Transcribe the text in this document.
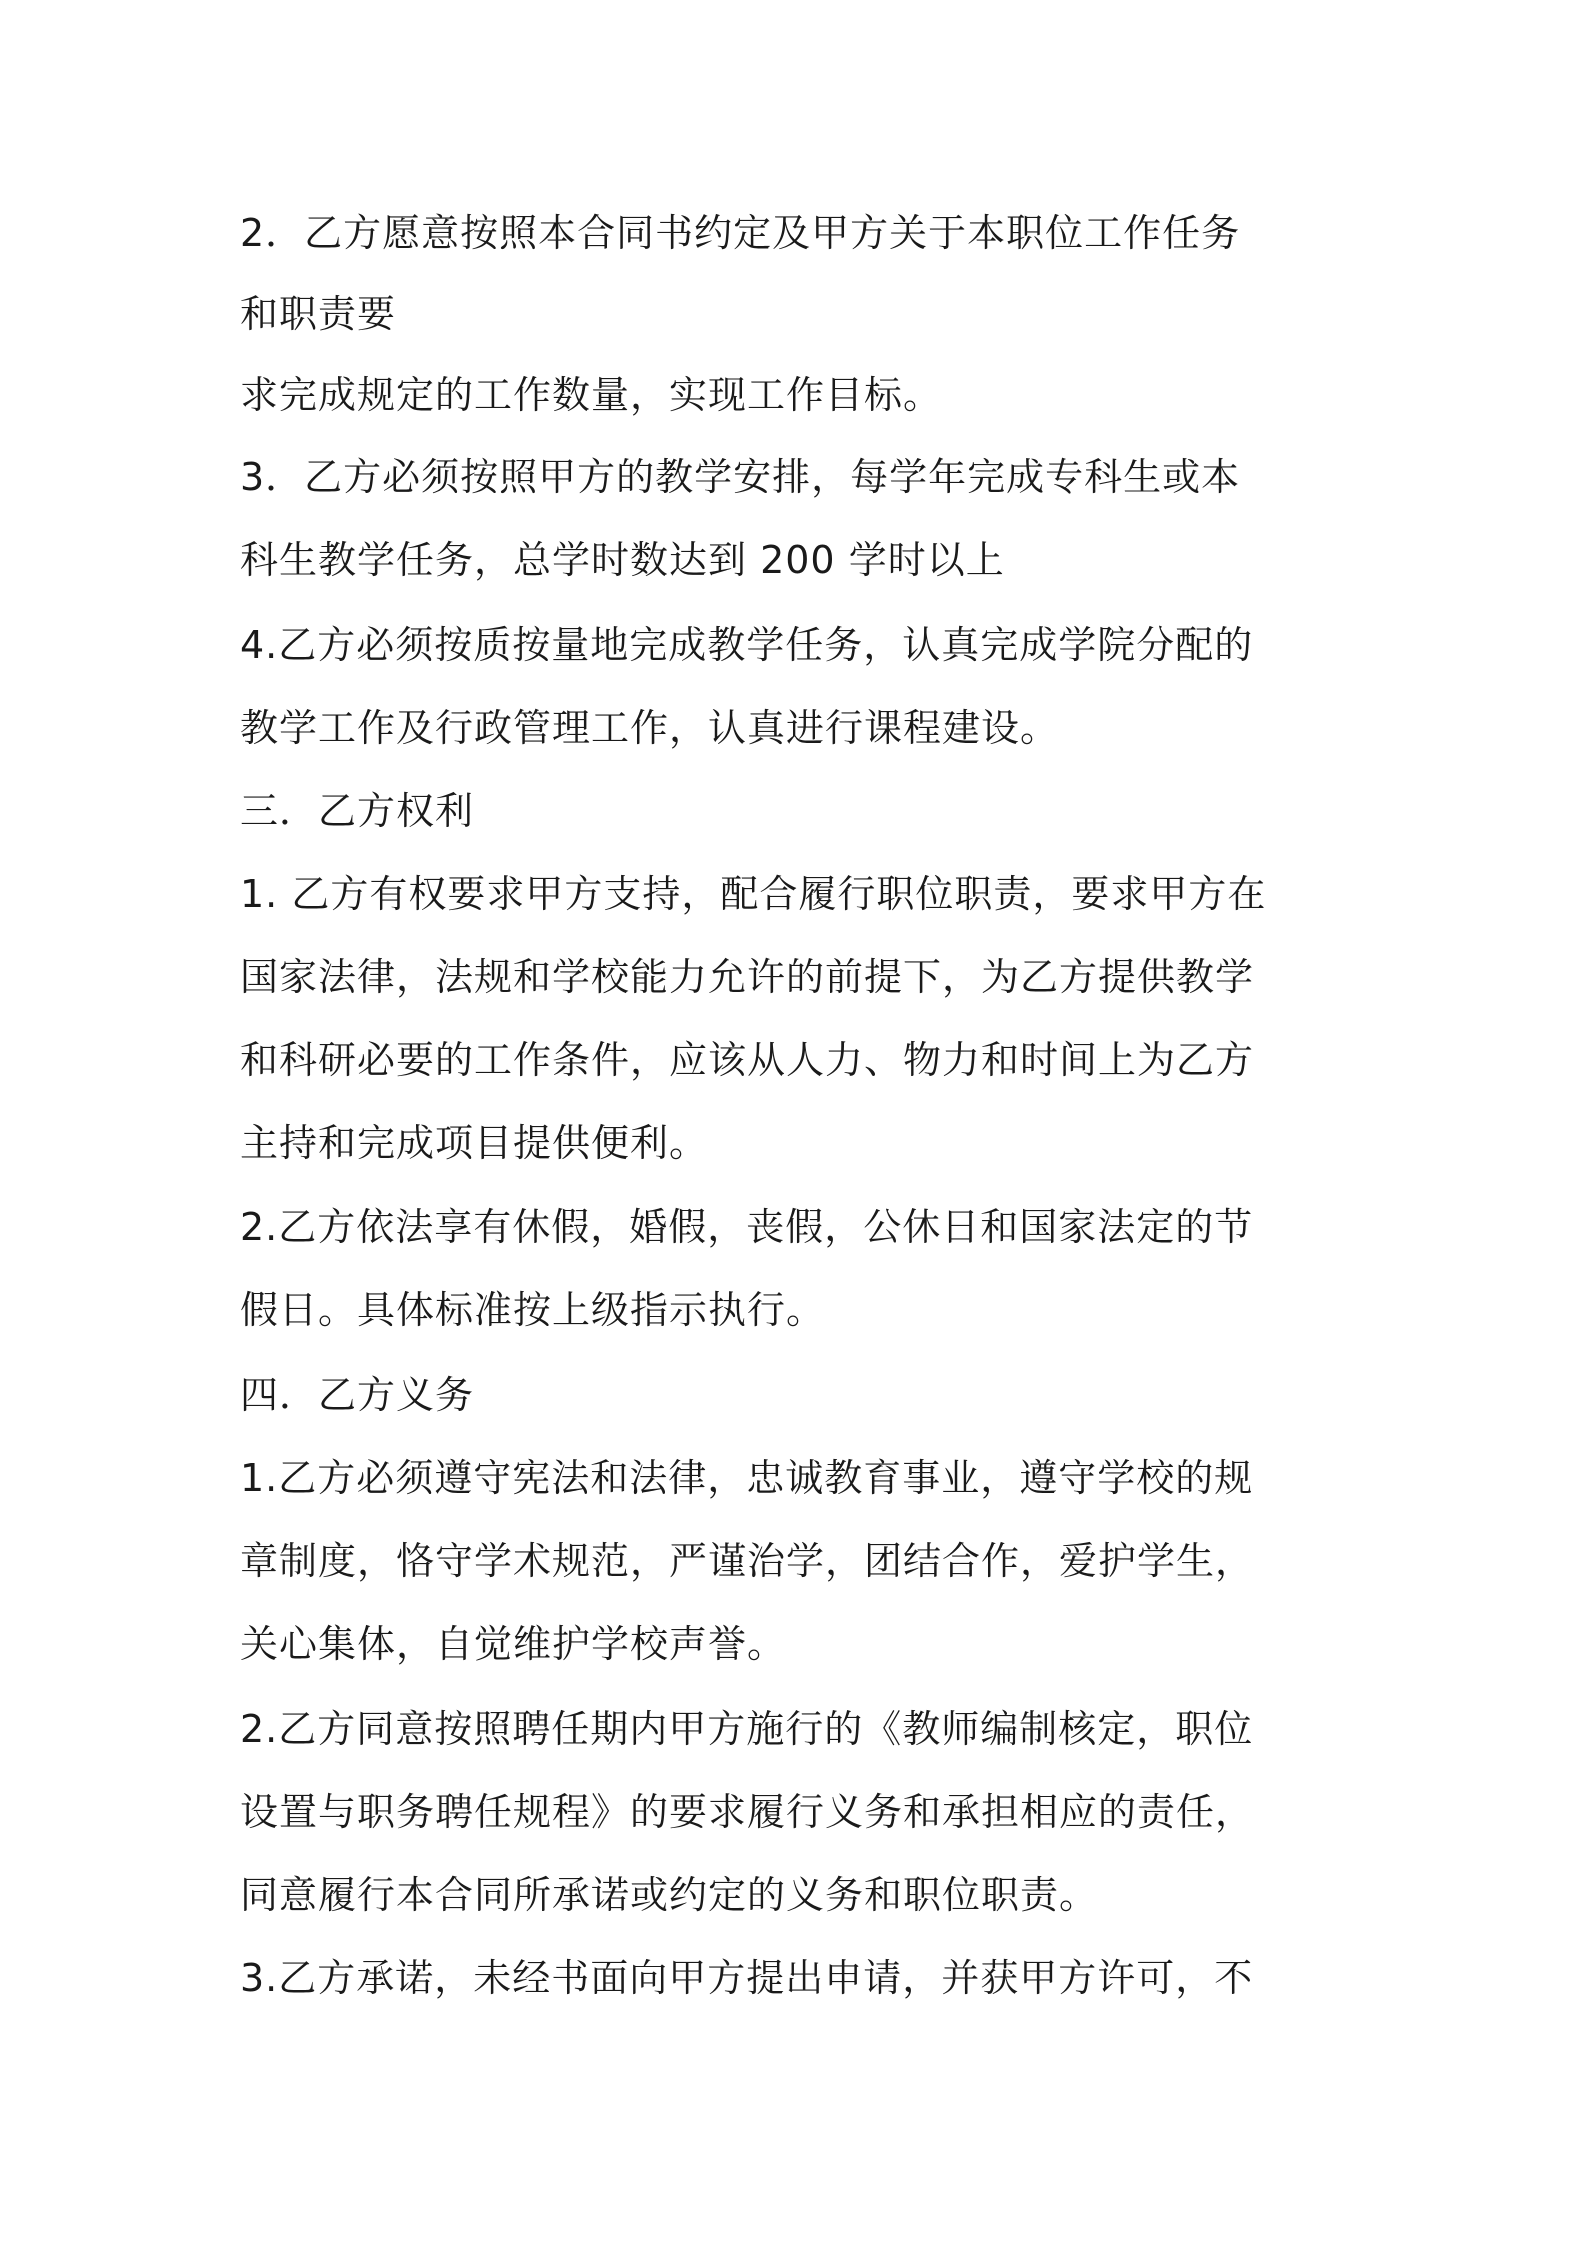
2．乙方愿意按照本合同书约定及甲方关于本职位工作任务
和职责要
求完成规定的工作数量，实现工作目标。
3．乙方必须按照甲方的教学安排，每学年完成专科生或本
科生教学任务，总学时数达到 200 学时以上
4.乙方必须按质按量地完成教学任务，认真完成学院分配的
教学工作及行政管理工作，认真进行课程建设。
三．乙方权利
1. 乙方有权要求甲方支持，配合履行职位职责，要求甲方在
国家法律，法规和学校能力允许的前提下，为乙方提供教学
和科研必要的工作条件，应该从人力、物力和时间上为乙方
主持和完成项目提供便利。
2.乙方依法享有休假，婚假，丧假，公休日和国家法定的节
假日。具体标准按上级指示执行。
四．乙方义务
1.乙方必须遵守宪法和法律，忠诚教育事业，遵守学校的规
章制度，恪守学术规范，严谨治学，团结合作，爱护学生，
关心集体，自觉维护学校声誉。
2.乙方同意按照聘任期内甲方施行的《教师编制核定，职位
设置与职务聘任规程》的要求履行义务和承担相应的责任，
同意履行本合同所承诺或约定的义务和职位职责。
3.乙方承诺，未经书面向甲方提出申请，并获甲方许可，不
